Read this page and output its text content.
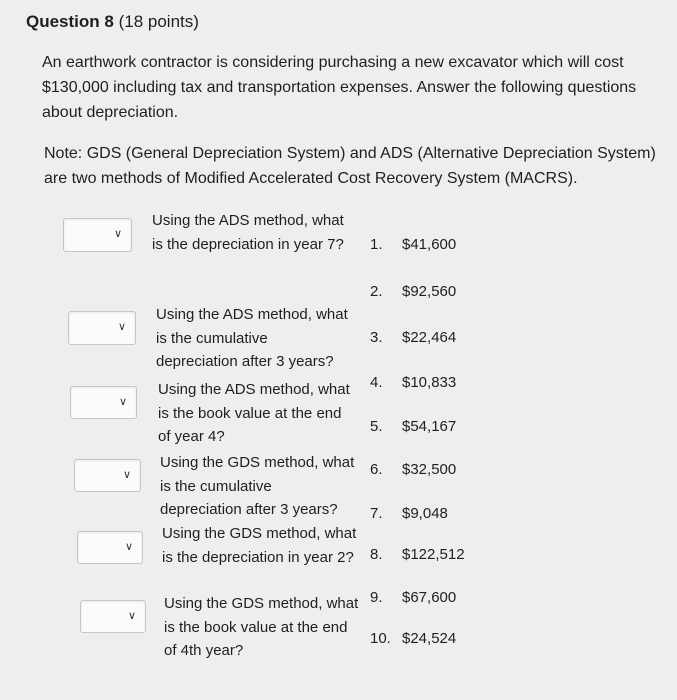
Question 8 (18 points)
An earthwork contractor is considering purchasing a new excavator which will cost $130,000 including tax and transportation expenses. Answer the following questions about depreciation.
Note: GDS (General Depreciation System) and ADS (Alternative Depreciation System) are two methods of Modified Accelerated Cost Recovery System (MACRS).
∨
∨
∨
∨
∨
∨
Using the ADS method, what is the depreciation in year 7?
Using the ADS method, what is the cumulative depreciation after 3 years?
Using the ADS method, what is the book value at the end of year 4?
Using the GDS method, what is the cumulative depreciation after 3 years?
Using the GDS method, what is the depreciation in year 2?
Using the GDS method, what is the book value at the end of 4th year?
1. $41,600
2. $92,560
3. $22,464
4. $10,833
5. $54,167
6. $32,500
7. $9,048
8. $122,512
9. $67,600
10. $24,524
